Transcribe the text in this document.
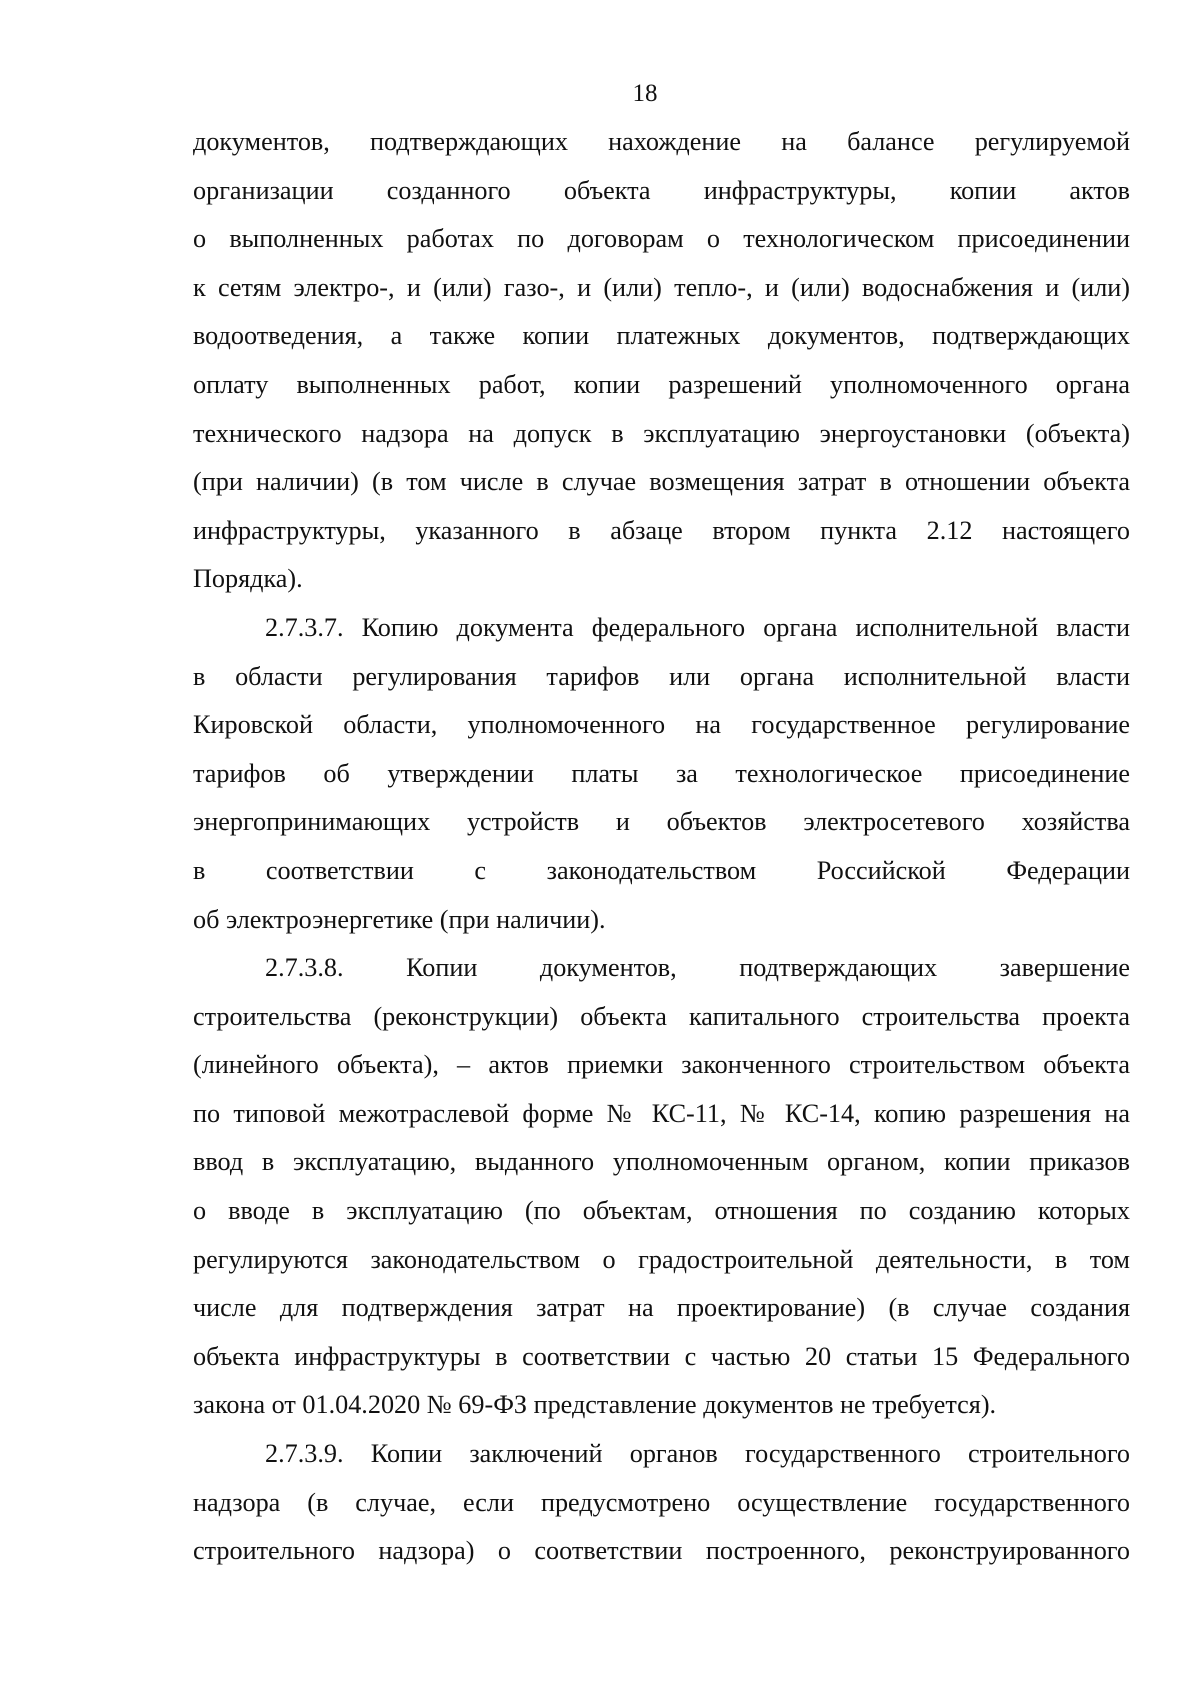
18
документов, подтверждающих нахождение на балансе регулируемой
организации созданного объекта инфраструктуры, копии актов
о выполненных работах по договорам о технологическом присоединении
к сетям электро-, и (или) газо-, и (или) тепло-, и (или) водоснабжения и (или)
водоотведения, а также копии платежных документов, подтверждающих
оплату выполненных работ, копии разрешений уполномоченного органа
технического надзора на допуск в эксплуатацию энергоустановки (объекта)
(при наличии) (в том числе в случае возмещения затрат в отношении объекта
инфраструктуры, указанного в абзаце втором пункта 2.12 настоящего
Порядка).
2.7.3.7. Копию документа федерального органа исполнительной власти
в области регулирования тарифов или органа исполнительной власти
Кировской области, уполномоченного на государственное регулирование
тарифов об утверждении платы за технологическое присоединение
энергопринимающих устройств и объектов электросетевого хозяйства
в соответствии с законодательством Российской Федерации
об электроэнергетике (при наличии).
2.7.3.8. Копии документов, подтверждающих завершение
строительства (реконструкции) объекта капитального строительства проекта
(линейного объекта), – актов приемки законченного строительством объекта
по типовой межотраслевой форме № КС-11, № КС-14, копию разрешения на
ввод в эксплуатацию, выданного уполномоченным органом, копии приказов
о вводе в эксплуатацию (по объектам, отношения по созданию которых
регулируются законодательством о градостроительной деятельности, в том
числе для подтверждения затрат на проектирование) (в случае создания
объекта инфраструктуры в соответствии с частью 20 статьи 15 Федерального
закона от 01.04.2020 № 69-ФЗ представление документов не требуется).
2.7.3.9. Копии заключений органов государственного строительного
надзора (в случае, если предусмотрено осуществление государственного
строительного надзора) о соответствии построенного, реконструированного
